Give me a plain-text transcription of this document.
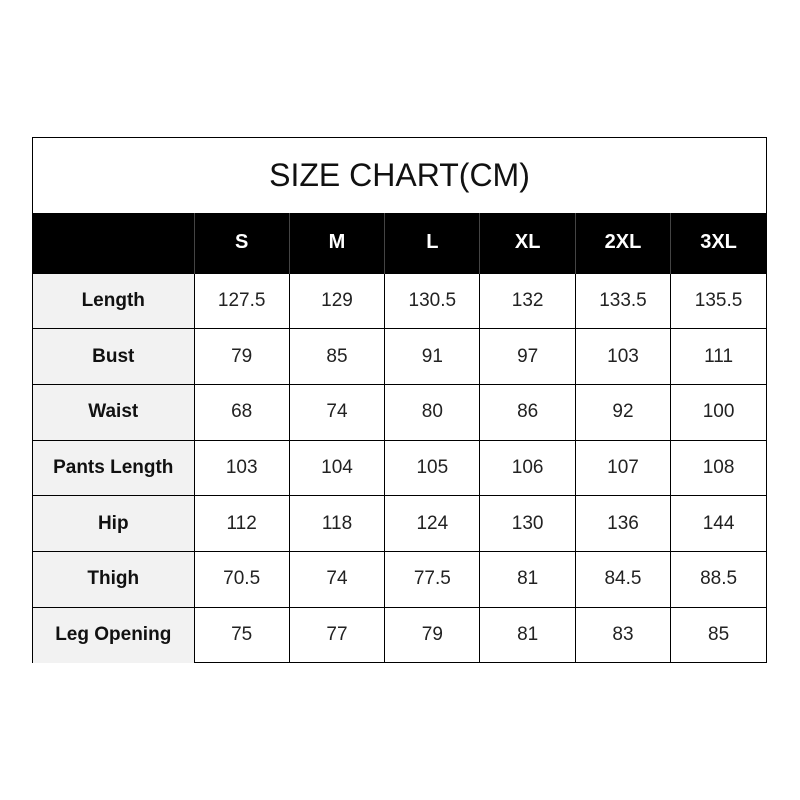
SIZE CHART(CM)
	S	M	L	XL	2XL	3XL
Length	127.5	129	130.5	132	133.5	135.5
Bust	79	85	91	97	103	111
Waist	68	74	80	86	92	100
Pants Length	103	104	105	106	107	108
Hip	112	118	124	130	136	144
Thigh	70.5	74	77.5	81	84.5	88.5
Leg Opening	75	77	79	81	83	85
